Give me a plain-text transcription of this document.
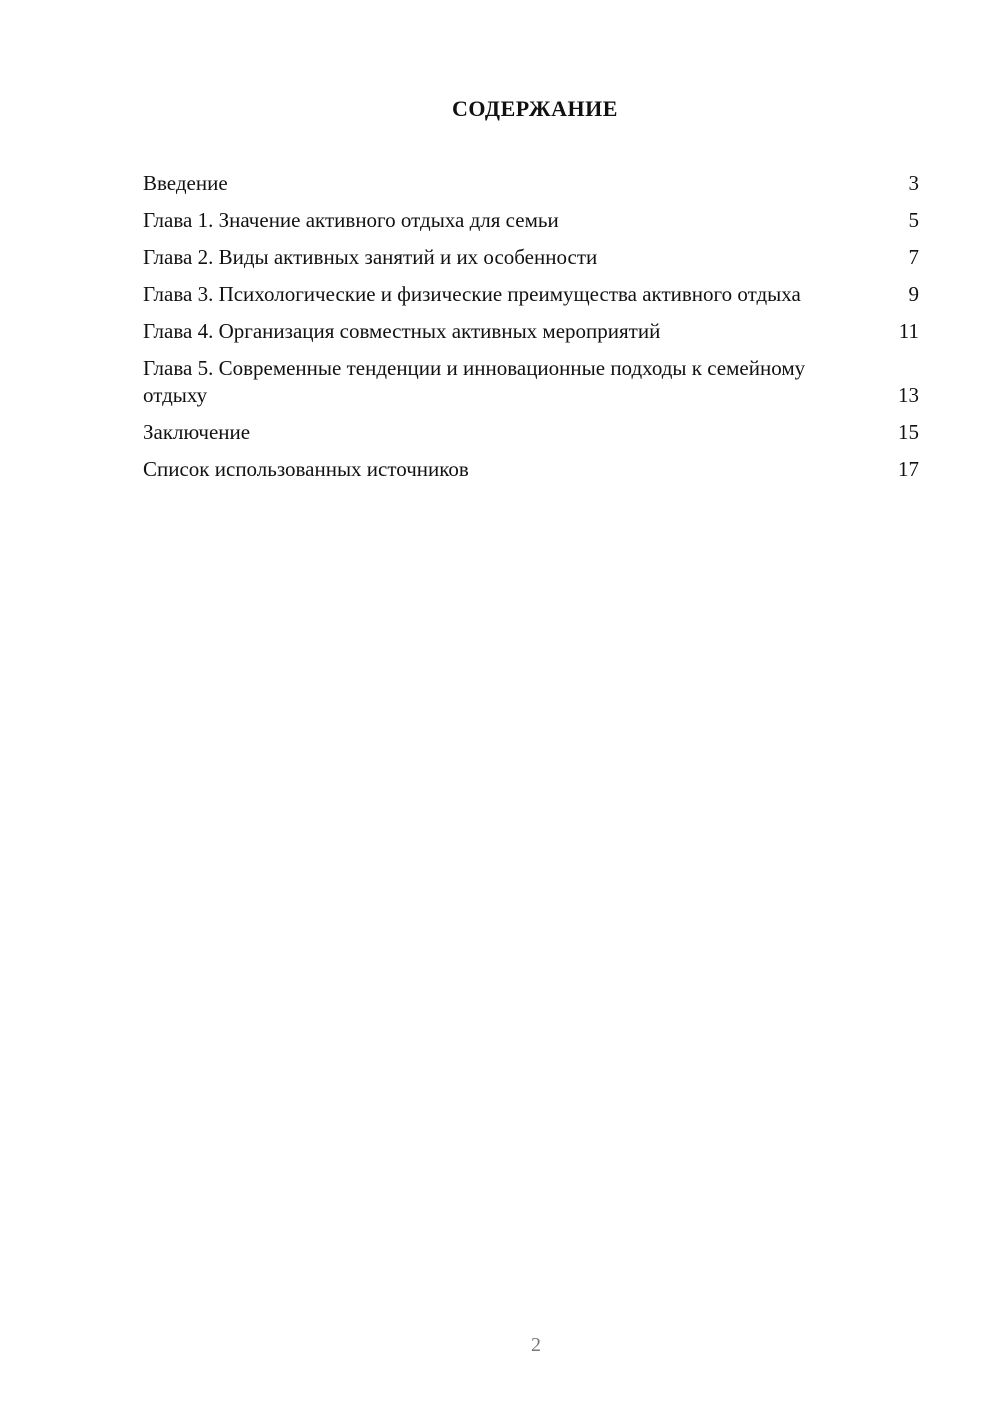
СОДЕРЖАНИЕ
Введение	3
Глава 1. Значение активного отдыха для семьи	5
Глава 2. Виды активных занятий и их особенности	7
Глава 3. Психологические и физические преимущества активного отдыха	9
Глава 4. Организация совместных активных мероприятий	11
Глава 5. Современные тенденции и инновационные подходы к семейному отдыху	13
Заключение	15
Список использованных источников	17
2
